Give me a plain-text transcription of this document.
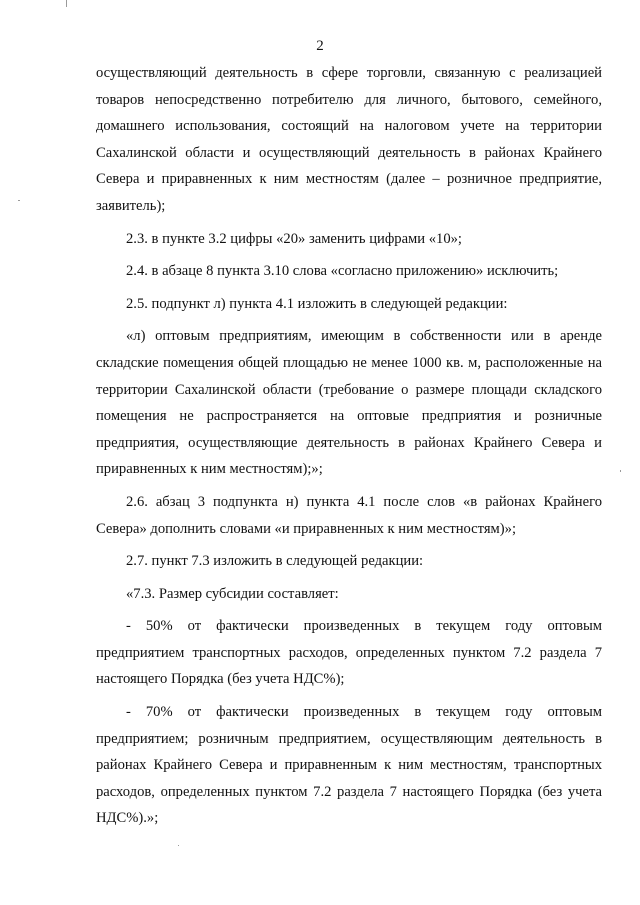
2

осуществляющий деятельность в сфере торговли, связанную с реализацией товаров непосредственно потребителю для личного, бытового, семейного, домашнего использования, состоящий на налоговом учете на территории Сахалинской области и осуществляющий деятельность в районах Крайнего Севера и приравненных к ним местностям (далее – розничное предприятие, заявитель);

2.3. в пункте 3.2 цифры «20» заменить цифрами «10»;

2.4. в абзаце 8 пункта 3.10 слова «согласно приложению» исключить;

2.5. подпункт л) пункта 4.1 изложить в следующей редакции:

«л) оптовым предприятиям, имеющим в собственности или в аренде складские помещения общей площадью не менее 1000 кв. м, расположенные на территории Сахалинской области (требование о размере площади складского помещения не распространяется на оптовые предприятия и розничные предприятия, осуществляющие деятельность в районах Крайнего Севера и приравненных к ним местностям);»;

2.6. абзац 3 подпункта н) пункта 4.1 после слов «в районах Крайнего Севера» дополнить словами «и приравненных к ним местностям)»;

2.7. пункт 7.3 изложить в следующей редакции:

«7.3. Размер субсидии составляет:

- 50% от фактически произведенных в текущем году оптовым предприятием транспортных расходов, определенных пунктом 7.2 раздела 7 настоящего Порядка (без учета НДС%);

- 70% от фактически произведенных в текущем году оптовым предприятием; розничным предприятием, осуществляющим деятельность в районах Крайнего Севера и приравненным к ним местностям, транспортных расходов, определенных пунктом 7.2 раздела 7 настоящего Порядка (без учета НДС%).»;
